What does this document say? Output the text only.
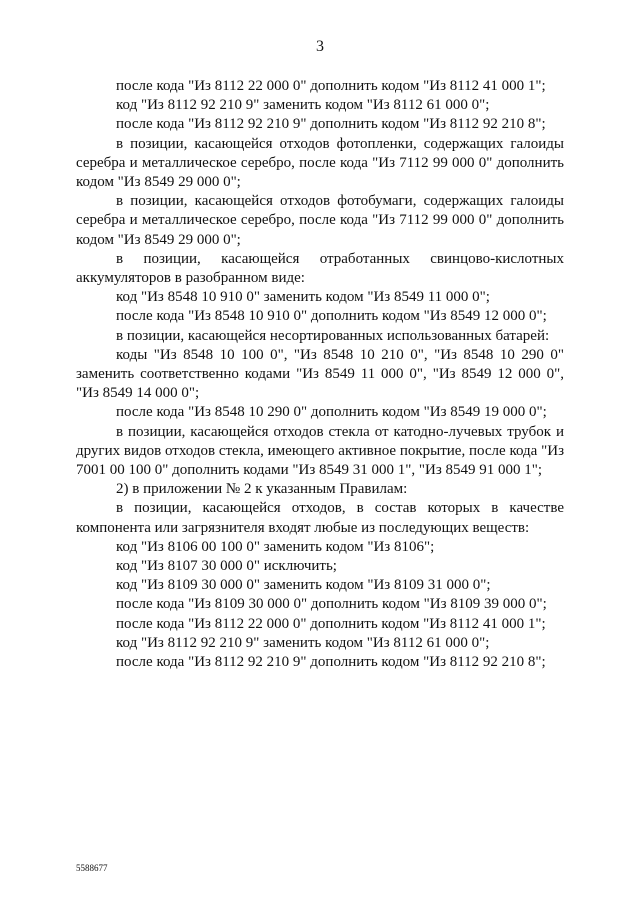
3

после кода "Из 8112 22 000 0" дополнить кодом "Из 8112 41 000 1";

код "Из 8112 92 210 9" заменить кодом "Из 8112 61 000 0";

после кода "Из 8112 92 210 9" дополнить кодом "Из 8112 92 210 8";

в позиции, касающейся отходов фотопленки, содержащих галоиды серебра и металлическое серебро, после кода "Из 7112 99 000 0" дополнить кодом "Из 8549 29 000 0";

в позиции, касающейся отходов фотобумаги, содержащих галоиды серебра и металлическое серебро, после кода "Из 7112 99 000 0" дополнить кодом "Из 8549 29 000 0";

в позиции, касающейся отработанных свинцово-кислотных аккумуляторов в разобранном виде:

код "Из 8548 10 910 0" заменить кодом "Из 8549 11 000 0";

после кода "Из 8548 10 910 0" дополнить кодом "Из 8549 12 000 0";

в позиции, касающейся несортированных использованных батарей:

коды "Из 8548 10 100 0", "Из 8548 10 210 0", "Из 8548 10 290 0" заменить соответственно кодами "Из 8549 11 000 0", "Из 8549 12 000 0", "Из 8549 14 000 0";

после кода "Из 8548 10 290 0" дополнить кодом "Из 8549 19 000 0";

в позиции, касающейся отходов стекла от катодно-лучевых трубок и других видов отходов стекла, имеющего активное покрытие, после кода "Из 7001 00 100 0" дополнить кодами "Из 8549 31 000 1", "Из 8549 91 000 1";

2) в приложении № 2 к указанным Правилам:

в позиции, касающейся отходов, в состав которых в качестве компонента или загрязнителя входят любые из последующих веществ:

код "Из 8106 00 100 0" заменить кодом "Из 8106";

код "Из 8107 30 000 0" исключить;

код "Из 8109 30 000 0" заменить кодом "Из 8109 31 000 0";

после кода "Из 8109 30 000 0" дополнить кодом "Из 8109 39 000 0";

после кода "Из 8112 22 000 0" дополнить кодом "Из 8112 41 000 1";

код "Из 8112 92 210 9" заменить кодом "Из 8112 61 000 0";

после кода "Из 8112 92 210 9" дополнить кодом "Из 8112 92 210 8";

5588677
